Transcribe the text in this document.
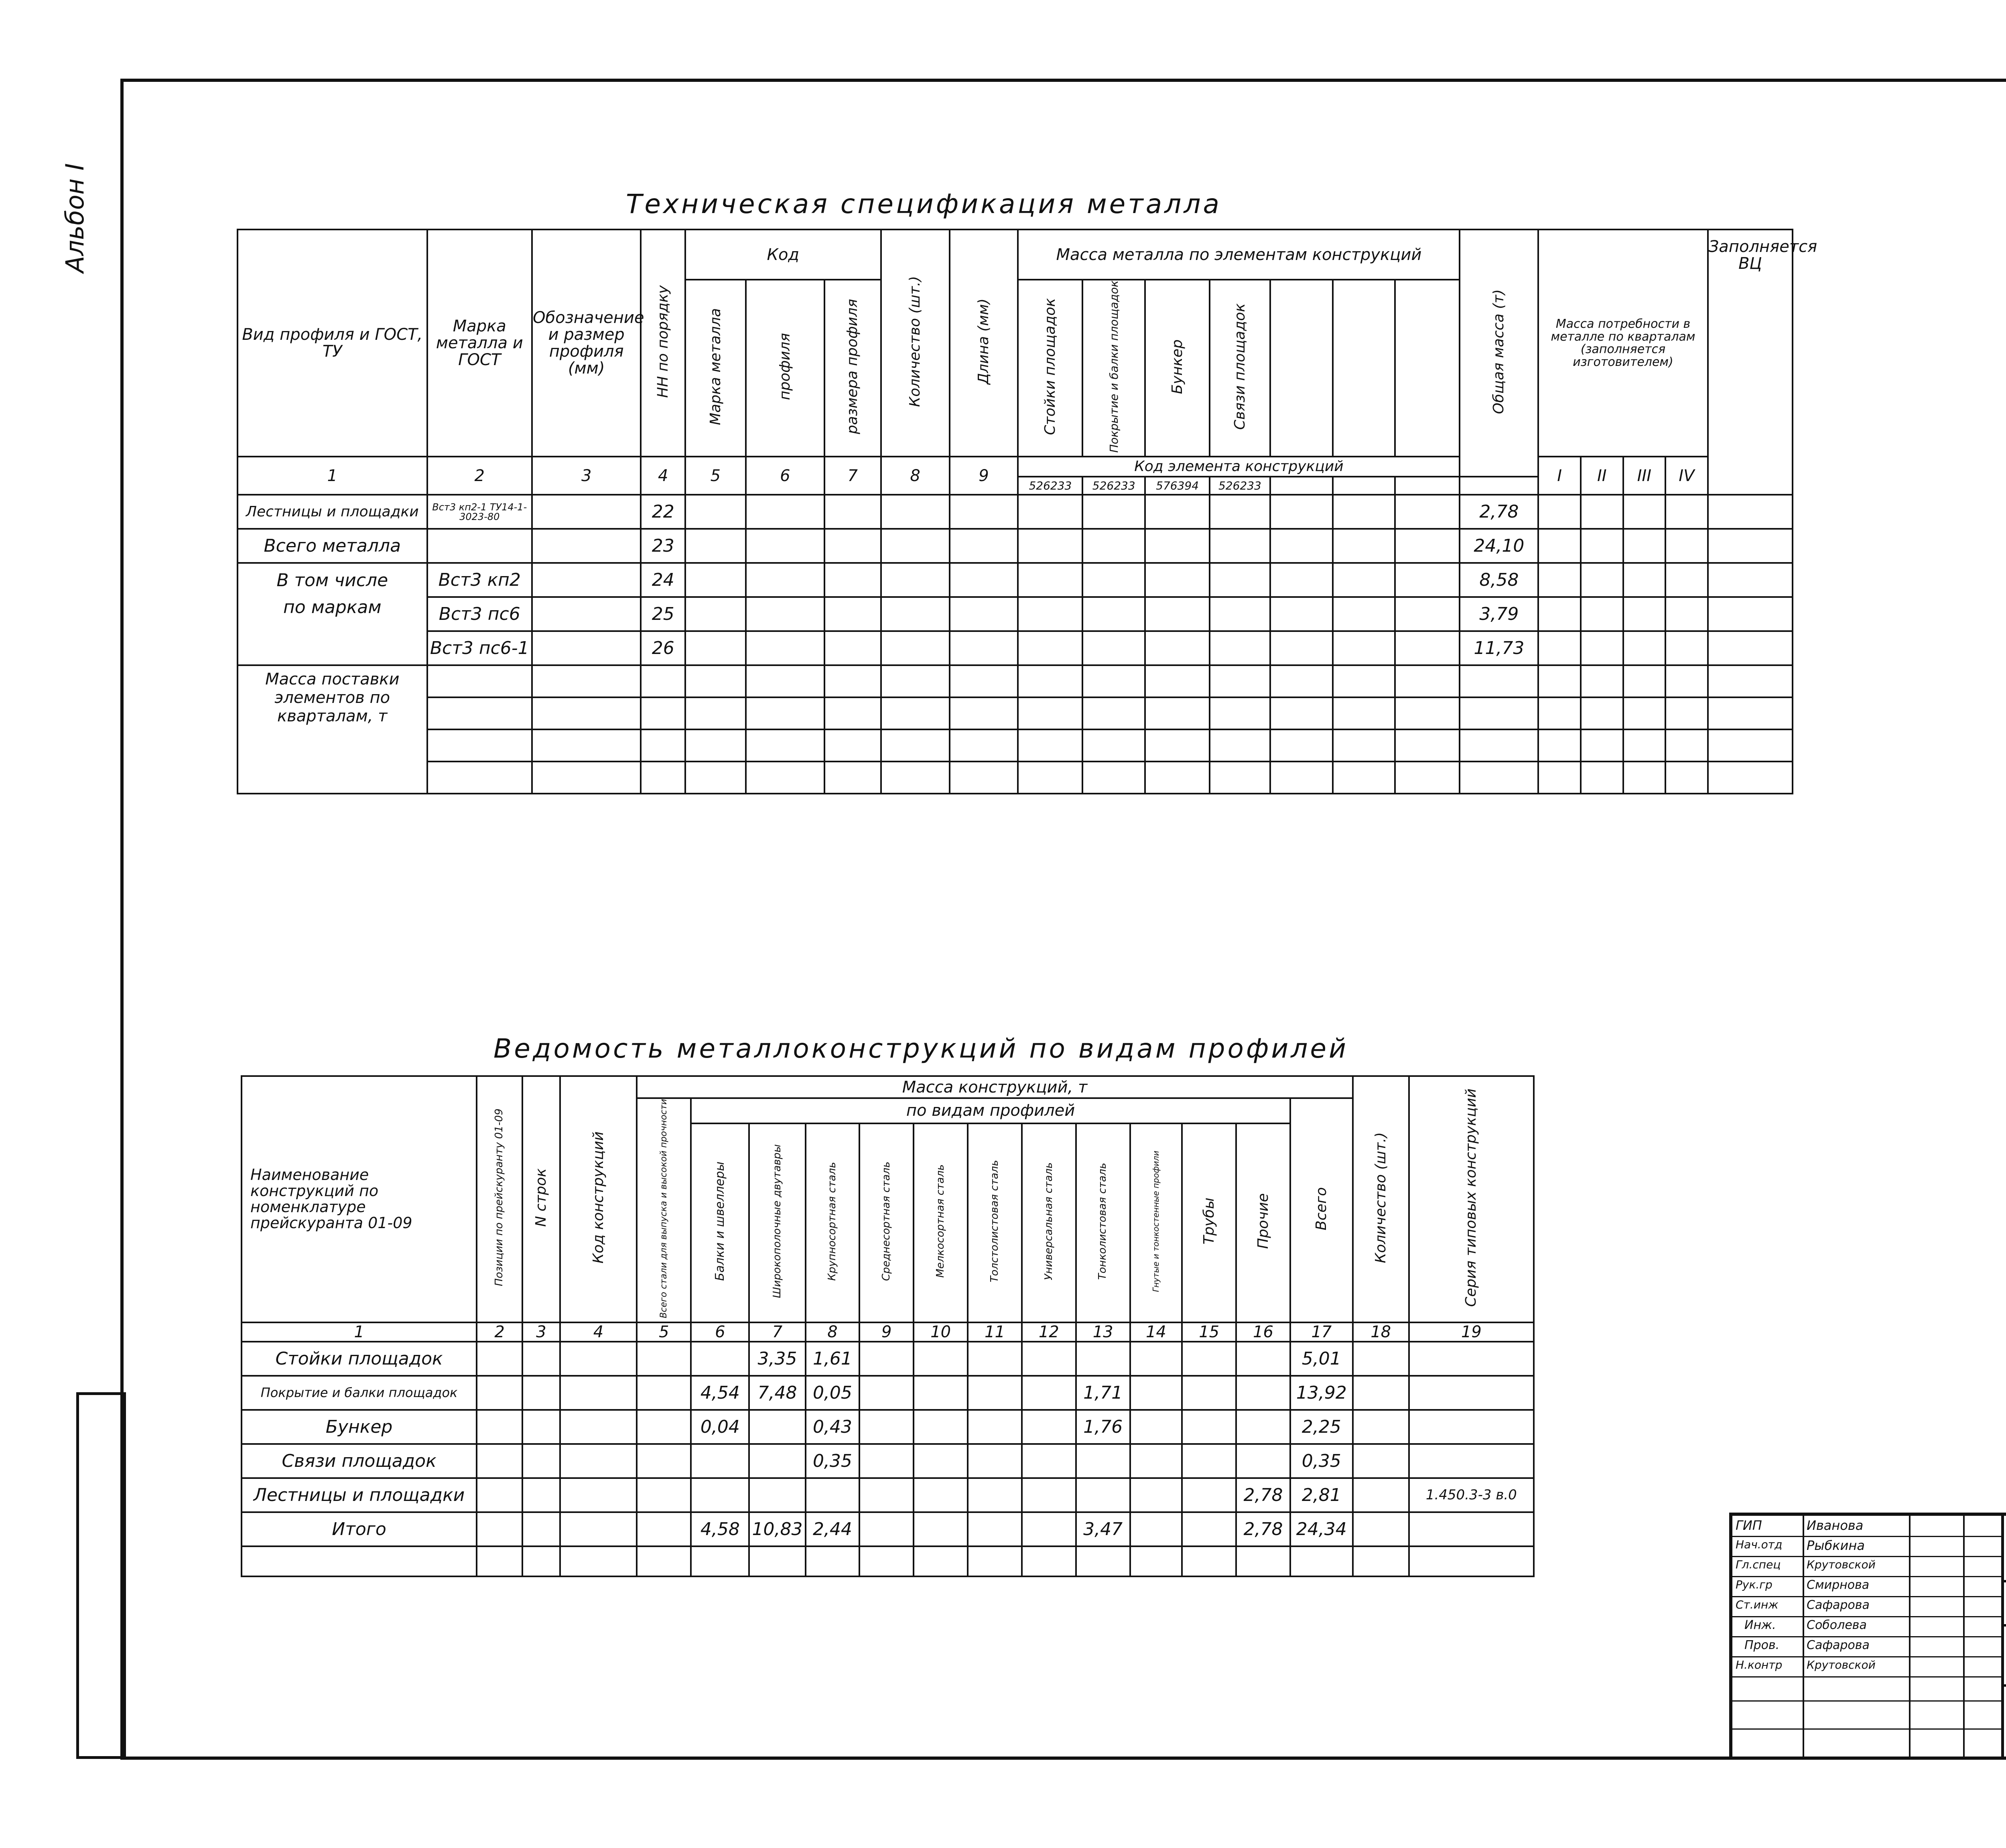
Альбон I	Техническая спецификация металла
Вид профиля и ГОСТ, ТУ	Марка металла и ГОСТ	Обозначение и размер профиля (мм)	НН по порядку	Код			Количество (шт.)	Длина (мм)	Масса металла по элементам конструкций							Общая масса (т)	Масса потребности в металле по кварталам (заполняется изготовителем)				Заполняется ВЦ
				Марка металла	профиля	размера профиля			Стойки площадок	Покрытие и балки площадок	Бункер	Связи площадок									
1	2	3	4	5	6	7	8	9	Код элемента конструкций								I	II	III	IV	
									526233	526233	576394	526233									
Лестницы и площадки	Вст3 кп2-1 ТУ14-1-3023-80		22													2,78					
Всего металла			23													24,10					
В том числе	Вст3 кп2		24													8,58					
по маркам	Вст3 пс6		25													3,79					
	Вст3 пс6-1		26													11,73					
Масса поставки элементов по кварталам, т																					

Ведомость металлоконструкций по видам профилей
Наименование конструкций по номенклатуре прейскуранта 01-09	Позиции по прейскуранту 01-09	N строк	Код конструкций	Масса конструкций, т													Количество (шт.)	Серия типовых конструкций
				Всего стали для выпуска и высокой прочности	по видам профилей											Всего		
					Балки и швеллеры	Широкополочные двутавры	Крупносортная сталь	Среднесортная сталь	Мелкосортная сталь	Толстолистовая сталь	Универсальная сталь	Тонколистовая сталь	Гнутые и тонкостенные профили	Трубы	Прочие			
1	2	3	4	5	6	7	8	9	10	11	12	13	14	15	16	17	18	19
Стойки площадок						3,35	1,61									5,01		
Покрытие и балки площадок					4,54	7,48	0,05					1,71				13,92		
Бункер					0,04		0,43					1,76				2,25		
Связи площадок							0,35									0,35		
Лестницы и площадки															2,78	2,81		1.450.3-3 в.0
Итого					4,58	10,83	2,44					3,47			2,78	24,34		
																			ГИП	Иванова
Нач.отд Рыбкина
Гл.спец Крутовской
Рук.гр	Смирнова
Ст.инж Сафарова
Инж.	Соболева
Пров. Сафарова
Н.контр Крутовской
